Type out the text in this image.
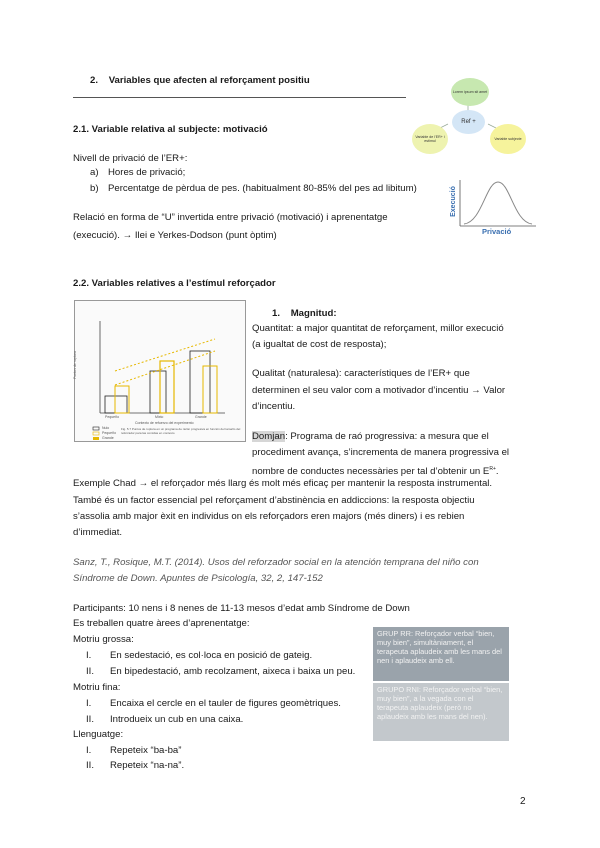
2. Variables que afecten al reforçament positiu
Lorem ipsum sit amet
Ref +
Variable de l'ER+ i estímul
Variable subjecte
2.1. Variable relativa al subjecte: motivació
Nivell de privació de l’ER+:
a) Hores de privació;
b) Percentatge de pèrdua de pes. (habitualment 80-85% del pes ad libitum)
Relació en forma de “U” invertida entre privació (motivació) i aprenentatge
(execució). → Ilei e Yerkes-Dodson (punt òptim)
Execució
Privació
2.2. Variables relatives a l’estímul reforçador
Puntos de ruptura
Pequeño	Mixto	Grande
Contexto de refuerzo del experimento
Nulo
Pequeño
Grande
Fig. 5.7 Puntos de ruptura en un programa de razón progresiva en función del tamaño del reforzador para las comidas en contexto
1. Magnitud:
Quantitat: a major quantitat de reforçament, millor execució
(a igualtat de cost de resposta);
Qualitat (naturalesa): característiques de l’ER+ que
determinen el seu valor com a motivador d’incentiu → Valor
d’incentiu.
Domjan: Programa de raó progressiva: a mesura que el
procediment avança, s’incrementa de manera progressiva el
nombre de conductes necessàries per tal d’obtenir un $E^{R+}$.
Exemple Chad → el reforçador més llarg és molt més eficaç per mantenir la resposta instrumental.
També és un factor essencial pel reforçament d’abstinència en addiccions: la resposta objectiu
s’assolia amb major èxit en individus on els reforçadors eren majors (més diners) i es rebien
d’immediat.
Sanz, T., Rosique, M.T. (2014). Usos del reforzador social en la atención temprana del niño con
Síndrome de Down. Apuntes de Psicología, 32, 2, 147-152
Participants: 10 nens i 8 nenes de 11-13 mesos d’edat amb Síndrome de Down
Es treballen quatre àrees d’aprenentatge:
Motriu grossa:
I. En sedestació, es col·loca en posició de gateig.
II. En bipedestació, amb recolzament, aixeca i baixa un peu.
Motriu fina:
I. Encaixa el cercle en el tauler de figures geomètriques.
II. Introdueix un cub en una caixa.
Llenguatge:
I. Repeteix “ba-ba”
II. Repeteix “na-na”.
GRUP RR: Reforçador verbal “bien, muy bien”, simultàniament, el terapeuta aplaudeix amb les mans del nen i aplaudeix amb ell.
GRUPO RNI: Reforçador verbal “bien, muy bien”, a la vegada con el terapeuta aplaudeix (però no aplaudeix amb les mans del nen).
2
